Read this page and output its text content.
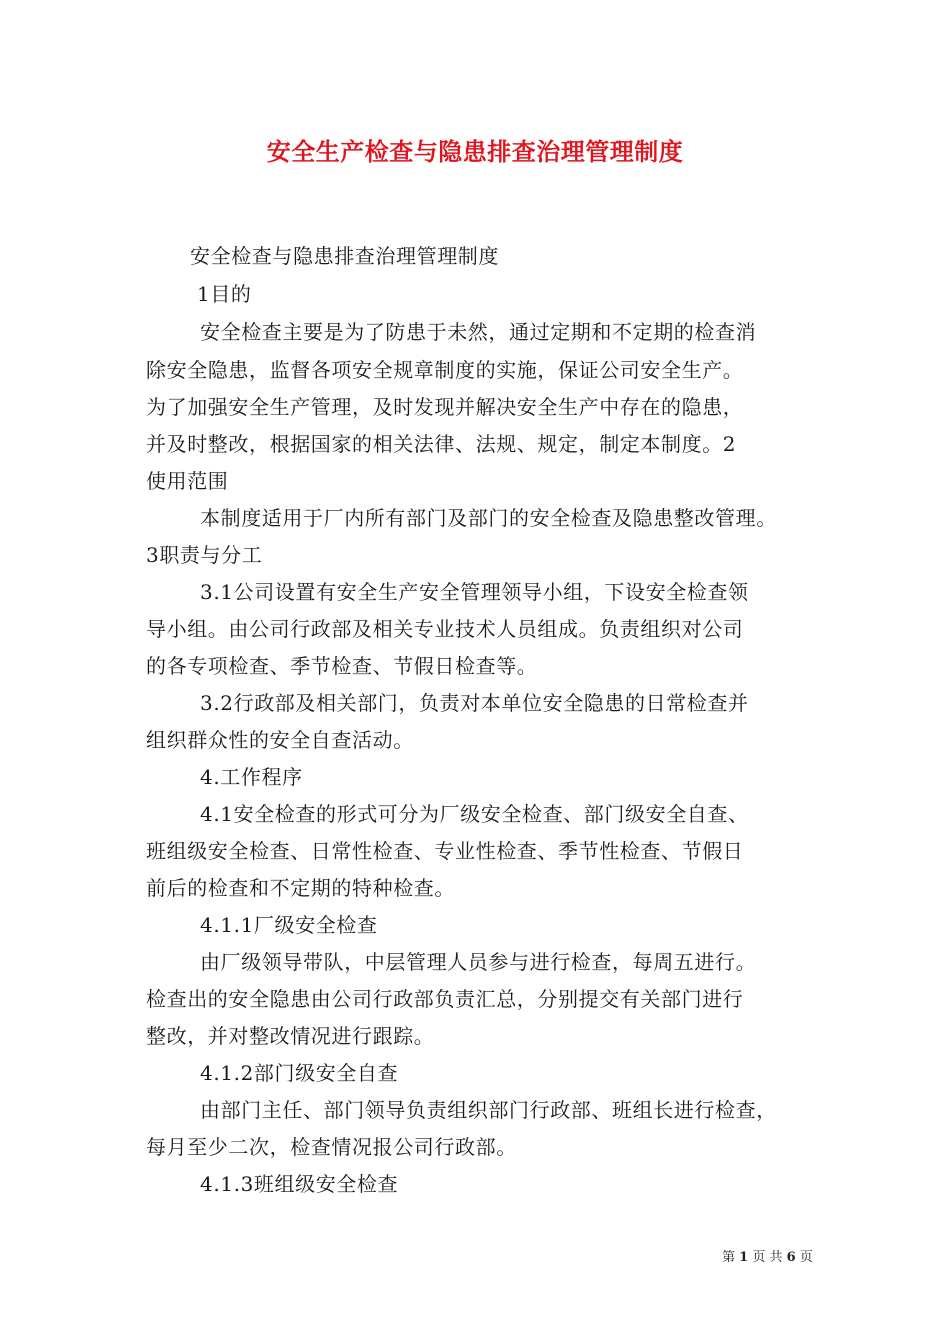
安全生产检查与隐患排查治理管理制度
安全检查与隐患排查治理管理制度
1目的
安全检查主要是为了防患于未然，通过定期和不定期的检查消
除安全隐患，监督各项安全规章制度的实施，保证公司安全生产。
为了加强安全生产管理，及时发现并解决安全生产中存在的隐患，
并及时整改，根据国家的相关法律、法规、规定，制定本制度。2
使用范围
本制度适用于厂内所有部门及部门的安全检查及隐患整改管理。
3职责与分工
3.1公司设置有安全生产安全管理领导小组，下设安全检查领
导小组。由公司行政部及相关专业技术人员组成。负责组织对公司
的各专项检查、季节检查、节假日检查等。
3.2行政部及相关部门，负责对本单位安全隐患的日常检查并
组织群众性的安全自查活动。
4.工作程序
4.1安全检查的形式可分为厂级安全检查、部门级安全自查、
班组级安全检查、日常性检查、专业性检查、季节性检查、节假日
前后的检查和不定期的特种检查。
4.1.1厂级安全检查
由厂级领导带队，中层管理人员参与进行检查，每周五进行。
检查出的安全隐患由公司行政部负责汇总，分别提交有关部门进行
整改，并对整改情况进行跟踪。
4.1.2部门级安全自查
由部门主任、部门领导负责组织部门行政部、班组长进行检查，
每月至少二次，检查情况报公司行政部。
4.1.3班组级安全检查
第 1 页 共 6 页
